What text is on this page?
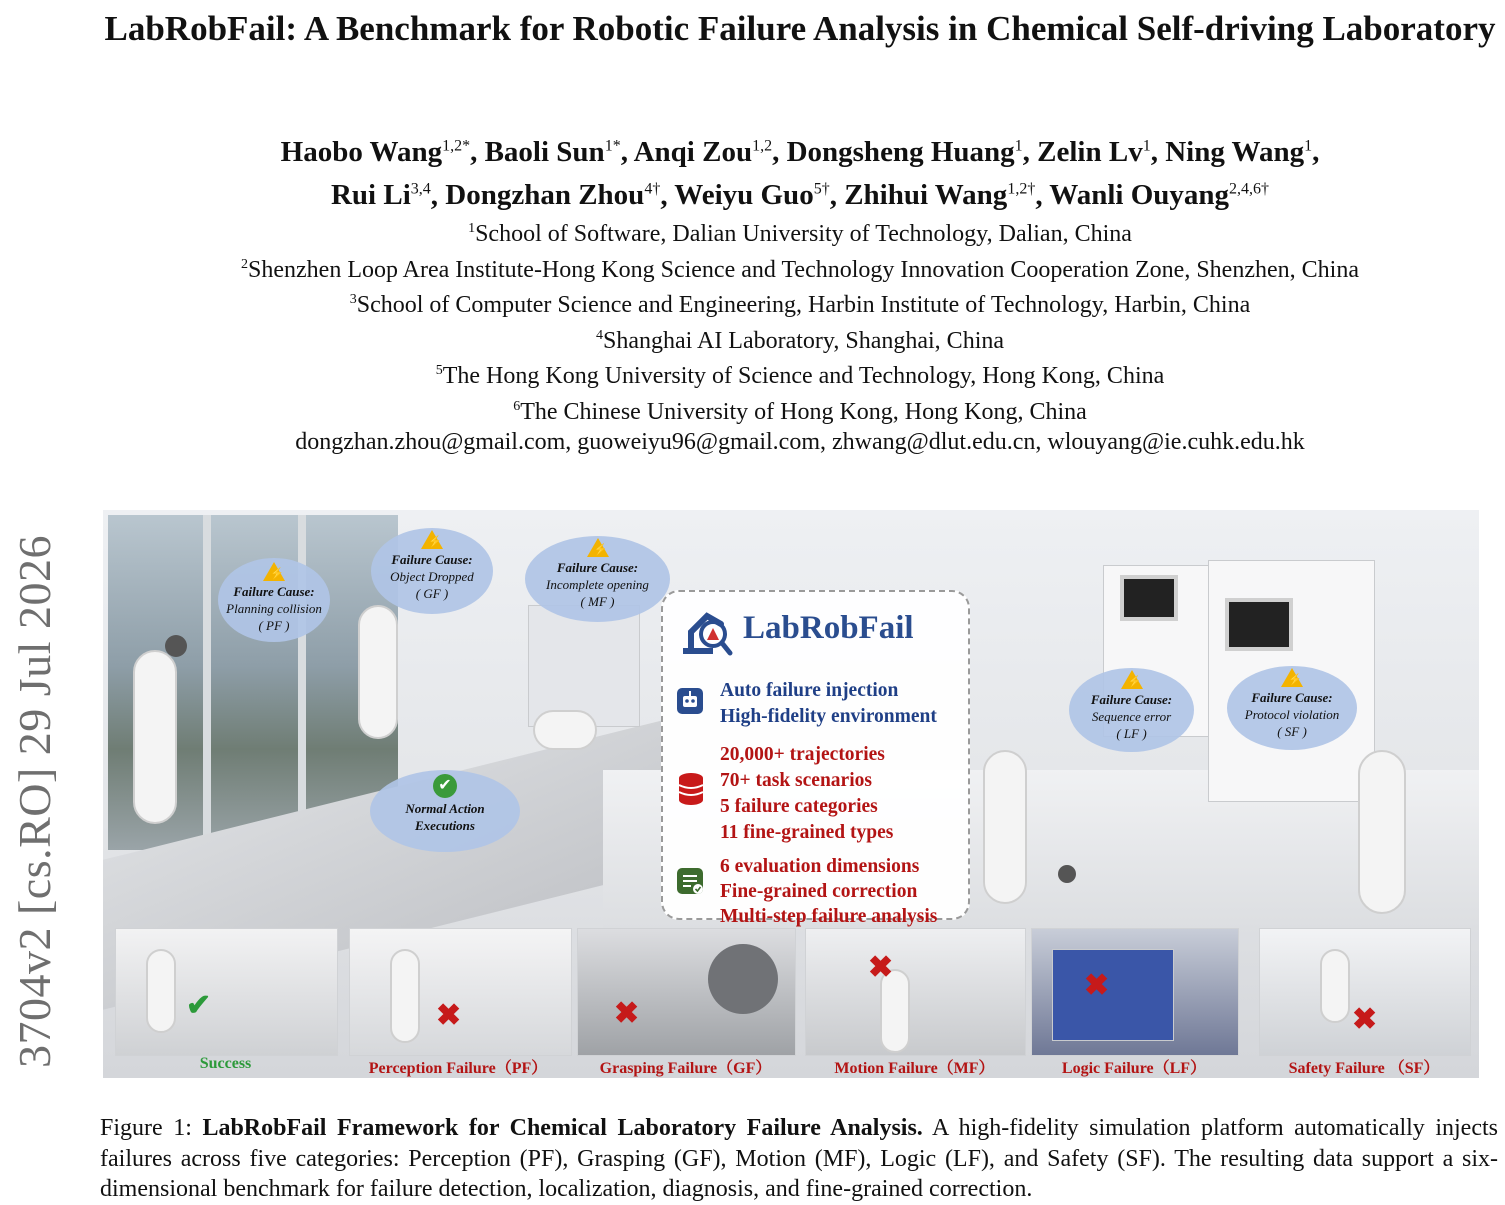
3704v2 [cs.RO] 29 Jul 2026
LabRobFail: A Benchmark for Robotic Failure Analysis in Chemical Self-driving Laboratory
Haobo Wang$^{1,2*}$, Baoli Sun$^{1*}$, Anqi Zou$^{1,2}$, Dongsheng Huang$^1$, Zelin Lv$^1$, Ning Wang$^1$,
Rui Li$^{3,4}$, Dongzhan Zhou$^{4\dagger}$, Weiyu Guo$^{5\dagger}$, Zhihui Wang$^{1,2\dagger}$, Wanli Ouyang$^{2,4,6\dagger}$
$^1$School of Software, Dalian University of Technology, Dalian, China
$^2$Shenzhen Loop Area Institute-Hong Kong Science and Technology Innovation Cooperation Zone, Shenzhen, China
$^3$School of Computer Science and Engineering, Harbin Institute of Technology, Harbin, China
$^4$Shanghai AI Laboratory, Shanghai, China
$^5$The Hong Kong University of Science and Technology, Hong Kong, China
$^6$The Chinese University of Hong Kong, Hong Kong, China
dongzhan.zhou@gmail.com, guoweiyu96@gmail.com, zhwang@dlut.edu.cn, wlouyang@ie.cuhk.edu.hk
⚡
Failure Cause:
Planning collision
( PF )
⚡
Failure Cause:
Object Dropped
( GF )
⚡
Failure Cause:
Incomplete opening
( MF )
✔
Normal Action
Executions
⚡
Failure Cause:
Sequence error
( LF )
⚡
Failure Cause:
Protocol violation
( SF )
LabRobFail
Auto failure injection
High-fidelity environment
20,000+ trajectories
70+ task scenarios
5 failure categories
11 fine-grained types
6 evaluation dimensions
Fine-grained correction
Multi-step failure analysis
✔	✖	✖
✖
✖
✖
Success	Perception Failure（PF）	Grasping Failure（GF）	Motion Failure（MF）	Logic Failure（LF）	Safety Failure （SF）
Figure 1: LabRobFail Framework for Chemical Laboratory Failure Analysis. A high-fidelity simulation platform automatically injects failures across five categories: Perception (PF), Grasping (GF), Motion (MF), Logic (LF), and Safety (SF). The resulting data support a six-dimensional benchmark for failure detection, localization, diagnosis, and fine-grained correction.
